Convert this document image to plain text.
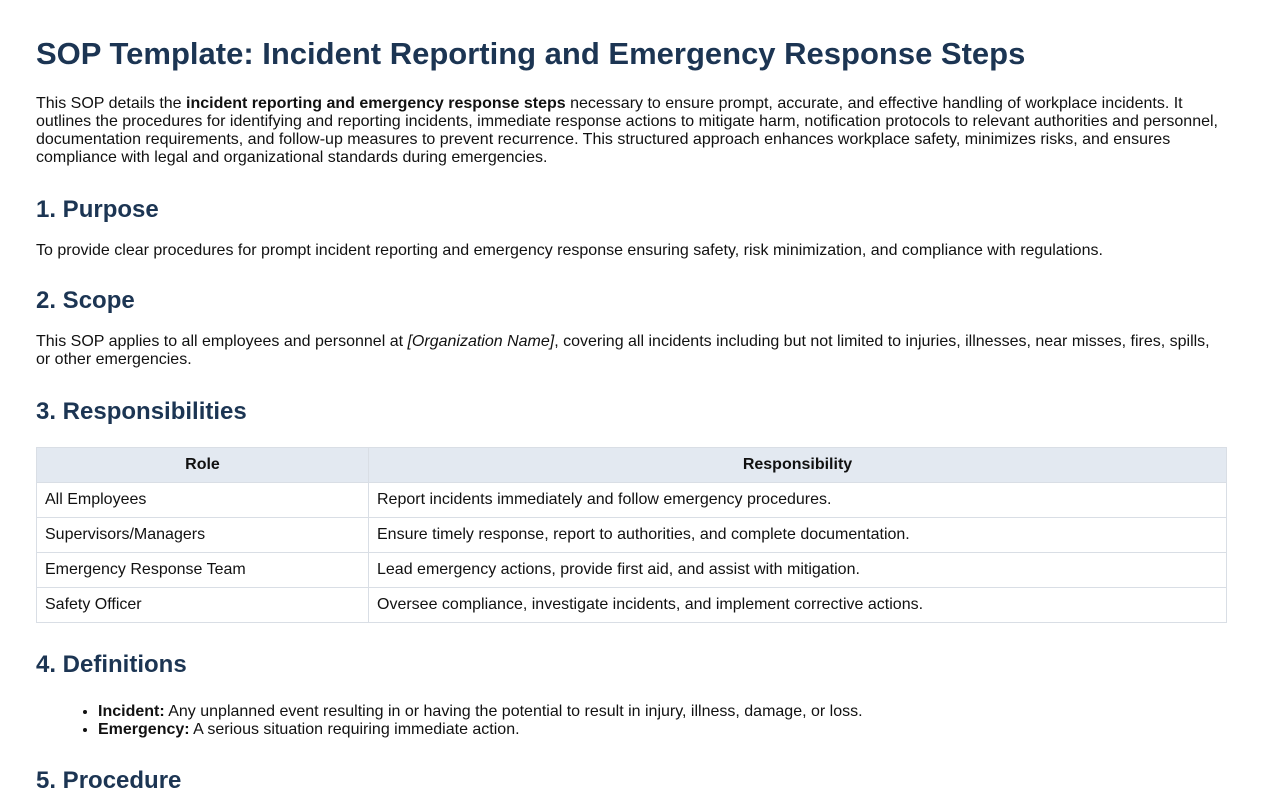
SOP Template: Incident Reporting and Emergency Response Steps

This SOP details the incident reporting and emergency response steps necessary to ensure prompt, accurate, and effective handling of workplace incidents. It outlines the procedures for identifying and reporting incidents, immediate response actions to mitigate harm, notification protocols to relevant authorities and personnel, documentation requirements, and follow-up measures to prevent recurrence. This structured approach enhances workplace safety, minimizes risks, and ensures compliance with legal and organizational standards during emergencies.

1. Purpose

To provide clear procedures for prompt incident reporting and emergency response ensuring safety, risk minimization, and compliance with regulations.

2. Scope

This SOP applies to all employees and personnel at [Organization Name], covering all incidents including but not limited to injuries, illnesses, near misses, fires, spills, or other emergencies.

3. Responsibilities
Role	Responsibility
All Employees	Report incidents immediately and follow emergency procedures.
Supervisors/Managers	Ensure timely response, report to authorities, and complete documentation.
Emergency Response Team	Lead emergency actions, provide first aid, and assist with mitigation.
Safety Officer	Oversee compliance, investigate incidents, and implement corrective actions.
4. Definitions
• Incident: Any unplanned event resulting in or having the potential to result in injury, illness, damage, or loss.
• Emergency: A serious situation requiring immediate action.
5. Procedure
